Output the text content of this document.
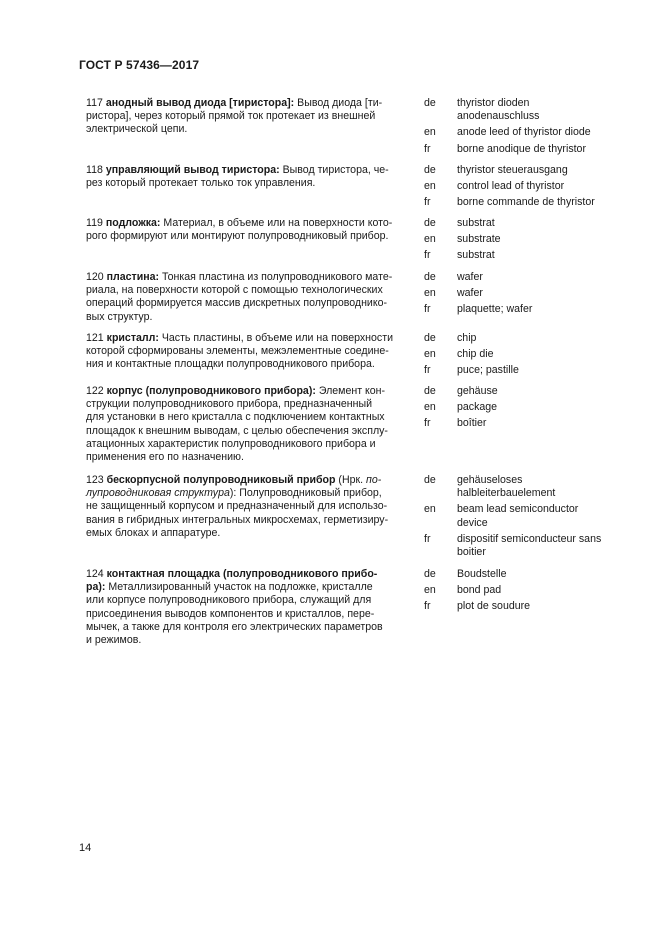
ГОСТ Р 57436—2017
117 анодный вывод диода [тиристора]: Вывод диода [ти-
ристора], через который прямой ток протекает из внешней
электрической цепи.
de	thyristor dioden
anodenauschluss
en	anode leed of thyristor diode
fr	borne anodique de thyristor
118 управляющий вывод тиристора: Вывод тиристора, че-
рез который протекает только ток управления.
de	thyristor steuerausgang
en	control lead of thyristor
fr	borne commande de thyristor
119 подложка: Материал, в объеме или на поверхности кото-
рого формируют или монтируют полупроводниковый прибор.
de	substrat
en	substrate
fr	substrat
120 пластина: Тонкая пластина из полупроводникового мате-
риала, на поверхности которой с помощью технологических
операций формируется массив дискретных полупроводнико-
вых структур.
de	wafer
en	wafer
fr	plaquette; wafer
121 кристалл: Часть пластины, в объеме или на поверхности
которой сформированы элементы, межэлементные соедине-
ния и контактные площадки полупроводникового прибора.
de	chip
en	chip die
fr	puce; pastille
122 корпус (полупроводникового прибора): Элемент кон-
струкции полупроводникового прибора, предназначенный
для установки в него кристалла с подключением контактных
площадок к внешним выводам, с целью обеспечения эксплу-
атационных характеристик полупроводникового прибора и
применения его по назначению.
de	gehäuse
en	package
fr	boîtier
123 бескорпусной полупроводниковый прибор (Нрк. по-
лупроводниковая структура): Полупроводниковый прибор,
не защищенный корпусом и предназначенный для использо-
вания в гибридных интегральных микросхемах, герметизиру-
емых блоках и аппаратуре.
de	gehäuseloses
halbleiterbauelement
en	beam lead semiconductor
device
fr	dispositif semiconducteur sans
boitier
124 контактная площадка (полупроводникового прибо-
ра): Металлизированный участок на подложке, кристалле
или корпусе полупроводникового прибора, служащий для
присоединения выводов компонентов и кристаллов, пере-
мычек, а также для контроля его электрических параметров
и режимов.
de	Boudstelle
en	bond pad
fr	plot de soudure
14
